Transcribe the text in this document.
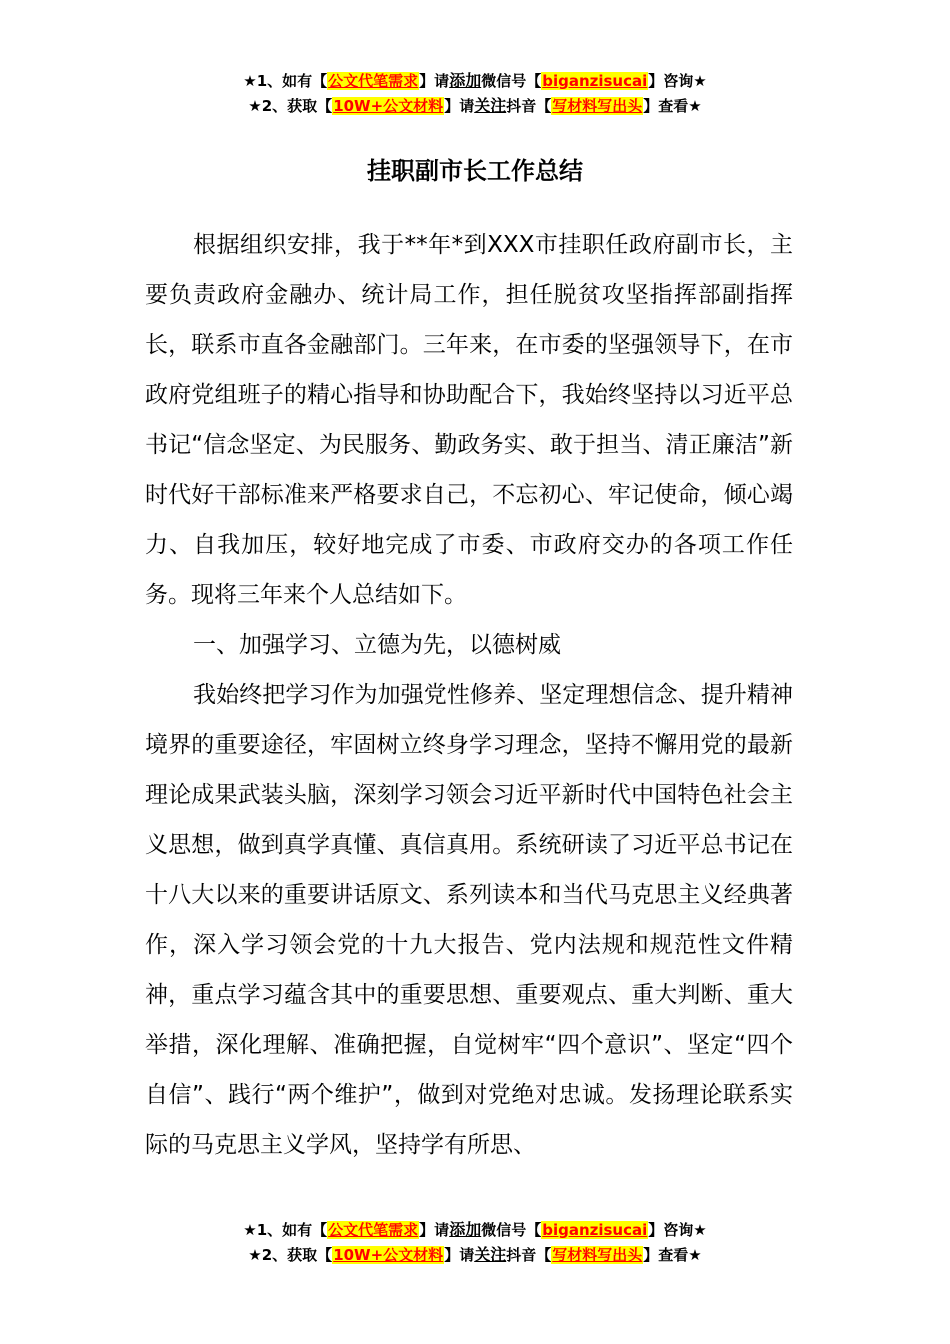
★1、如有【公文代笔需求】请添加微信号【biganzisucai】咨询★
★2、获取【10W+公文材料】请关注抖音【写材料写出头】查看★
挂职副市长工作总结

根据组织安排，我于**年*到XXX市挂职任政府副市长，主要负责政府金融办、统计局工作，担任脱贫攻坚指挥部副指挥长，联系市直各金融部门。三年来，在市委的坚强领导下，在市政府党组班子的精心指导和协助配合下，我始终坚持以习近平总书记“信念坚定、为民服务、勤政务实、敢于担当、清正廉洁”新时代好干部标准来严格要求自己，不忘初心、牢记使命，倾心竭力、自我加压，较好地完成了市委、市政府交办的各项工作任务。现将三年来个人总结如下。

一、加强学习、立德为先，以德树威

我始终把学习作为加强党性修养、坚定理想信念、提升精神境界的重要途径，牢固树立终身学习理念，坚持不懈用党的最新理论成果武装头脑，深刻学习领会习近平新时代中国特色社会主义思想，做到真学真懂、真信真用。系统研读了习近平总书记在十八大以来的重要讲话原文、系列读本和当代马克思主义经典著作，深入学习领会党的十九大报告、党内法规和规范性文件精神，重点学习蕴含其中的重要思想、重要观点、重大判断、重大举措，深化理解、准确把握，自觉树牢“四个意识”、坚定“四个自信”、践行“两个维护”，做到对党绝对忠诚。发扬理论联系实际的马克思主义学风，坚持学有所思、

★1、如有【公文代笔需求】请添加微信号【biganzisucai】咨询★
★2、获取【10W+公文材料】请关注抖音【写材料写出头】查看★
